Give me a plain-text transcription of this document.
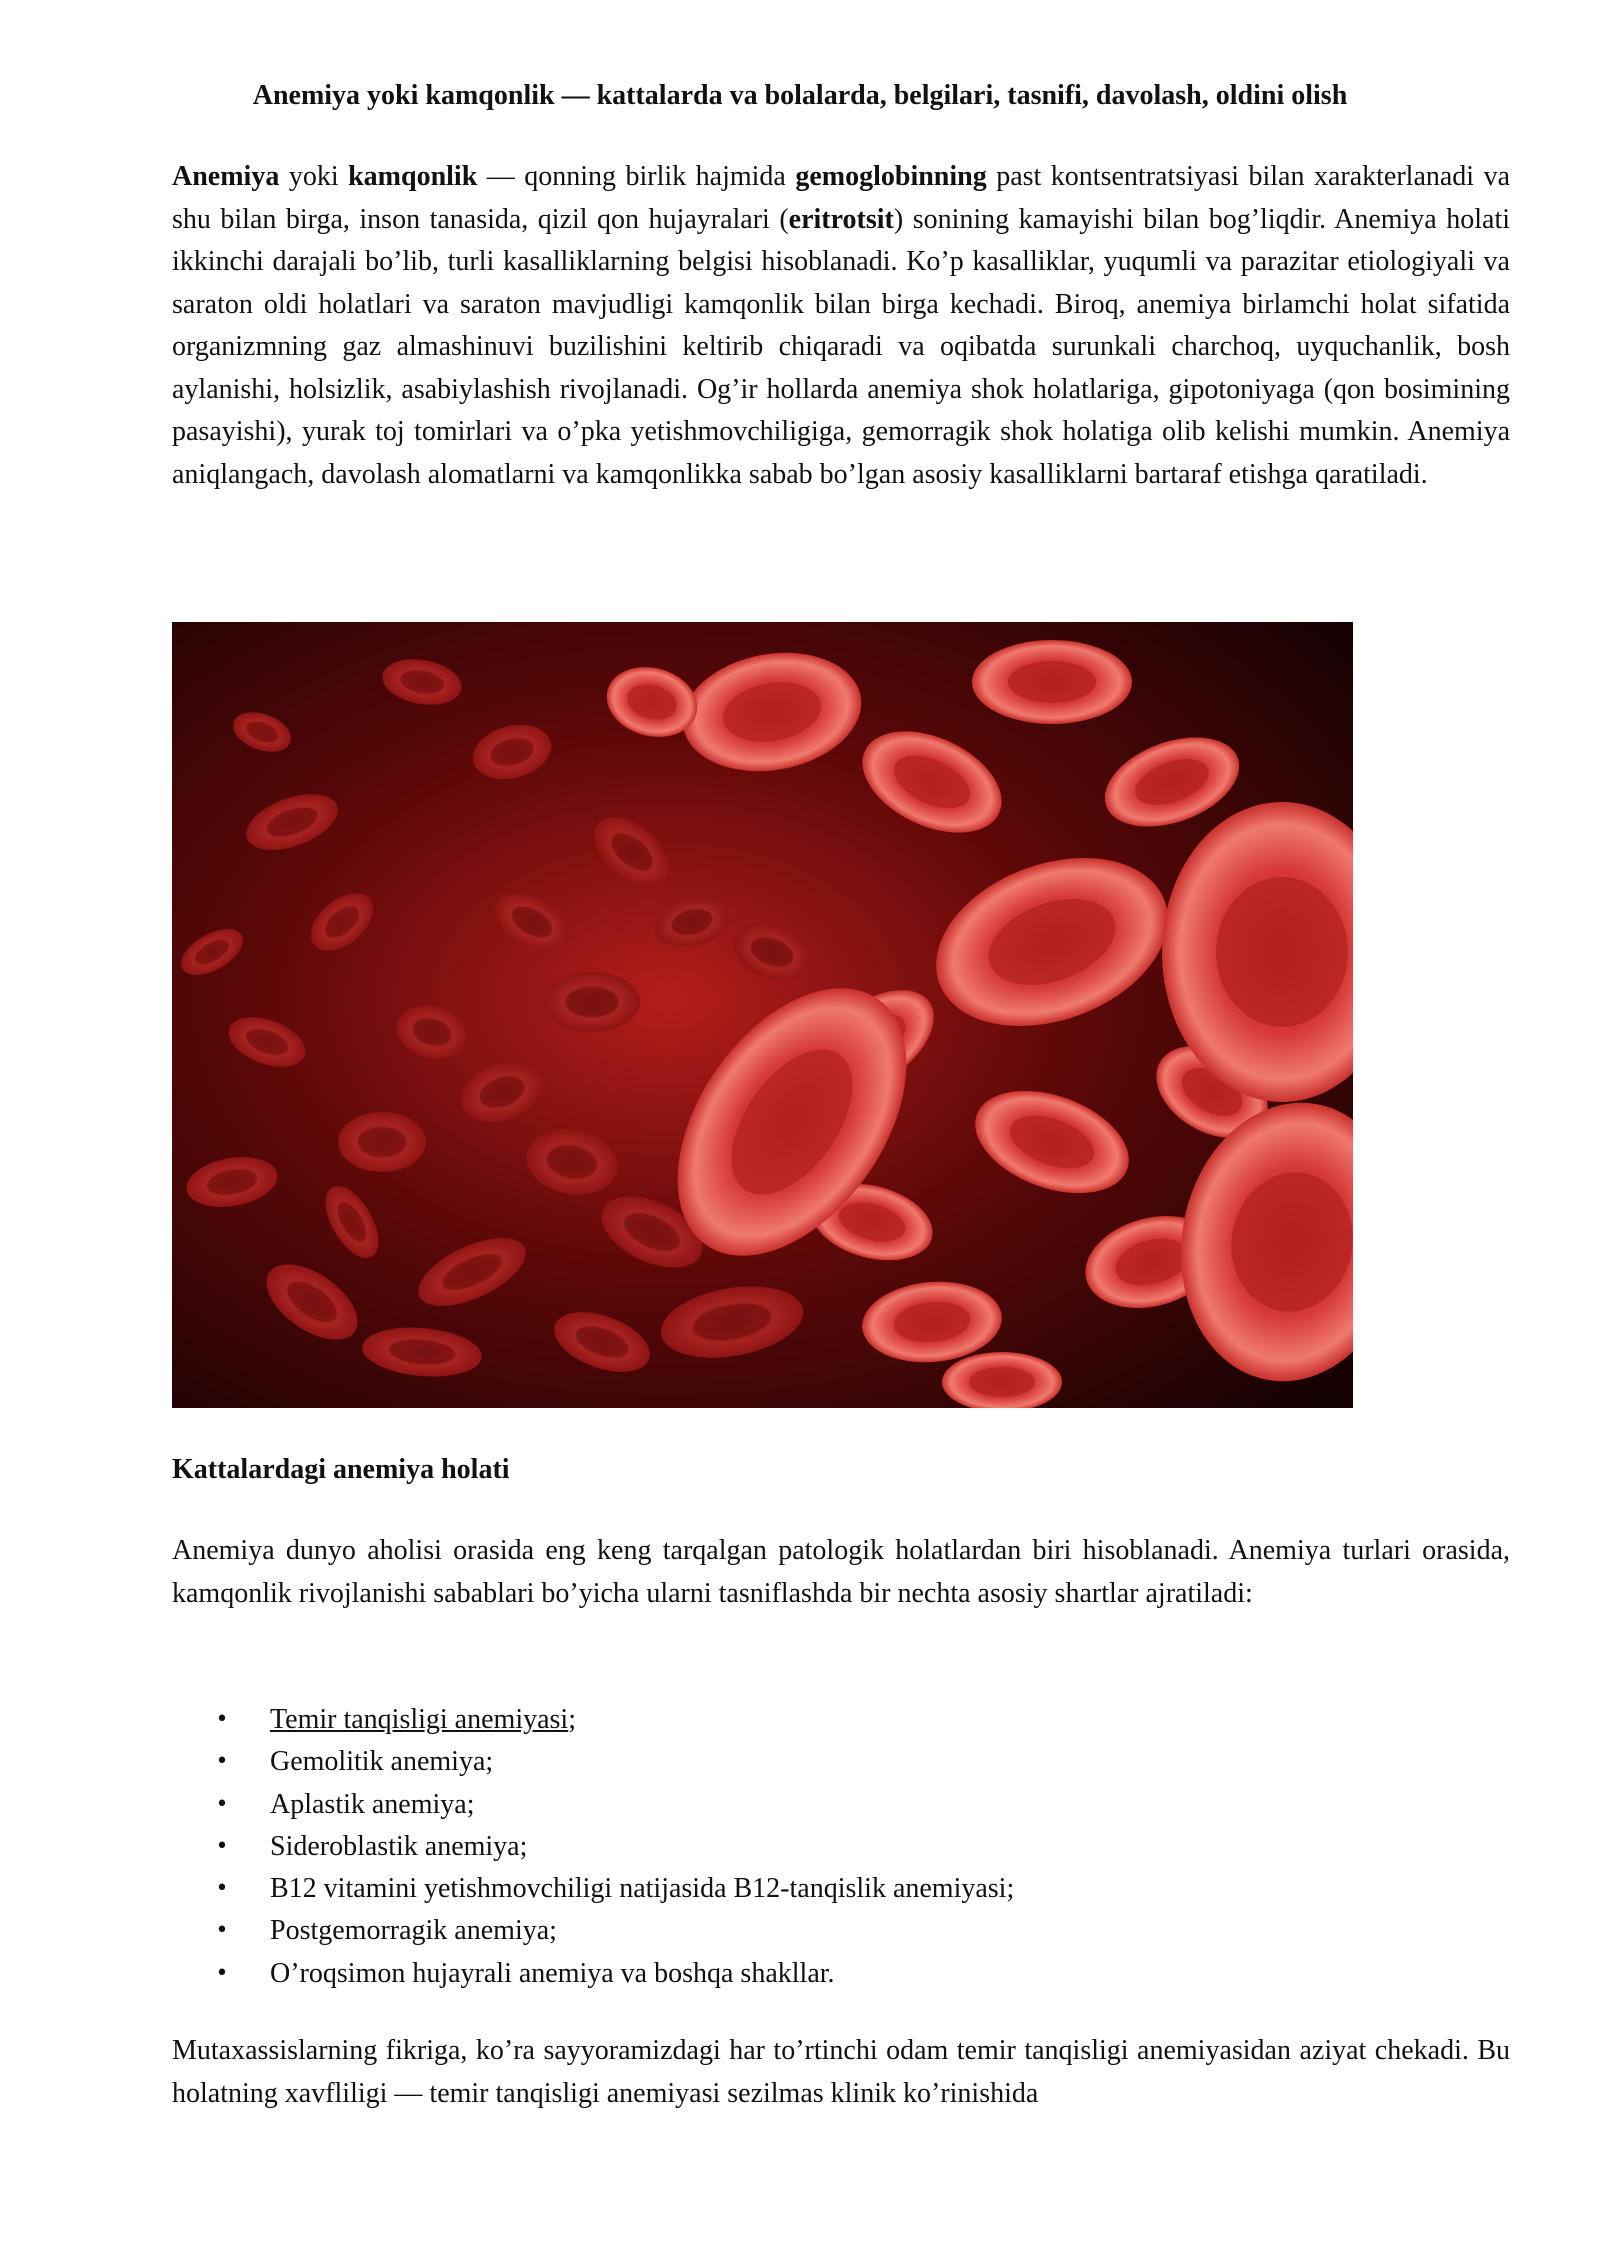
Anemiya yoki kamqonlik — kattalarda va bolalarda, belgilari, tasnifi, davolash, oldini olish

Anemiya yoki kamqonlik — qonning birlik hajmida gemoglobinning past kontsentratsiyasi bilan xarakterlanadi va shu bilan birga, inson tanasida, qizil qon hujayralari (eritrotsit) sonining kamayishi bilan bog’liqdir. Anemiya holati ikkinchi darajali bo’lib, turli kasalliklarning belgisi hisoblanadi. Ko’p kasalliklar, yuqumli va parazitar etiologiyali va saraton oldi holatlari va saraton mavjudligi kamqonlik bilan birga kechadi. Biroq, anemiya birlamchi holat sifatida organizmning gaz almashinuvi buzilishini keltirib chiqaradi va oqibatda surunkali charchoq, uyquchanlik, bosh aylanishi, holsizlik, asabiylashish rivojlanadi. Og’ir hollarda anemiya shok holatlariga, gipotoniyaga (qon bosimining pasayishi), yurak toj tomirlari va o’pka yetishmovchiligiga, gemorragik shok holatiga olib kelishi mumkin. Anemiya aniqlangach, davolash alomatlarni va kamqonlikka sabab bo’lgan asosiy kasalliklarni bartaraf etishga qaratiladi.

Kattalardagi anemiya holati

Anemiya dunyo aholisi orasida eng keng tarqalgan patologik holatlardan biri hisoblanadi. Anemiya turlari orasida, kamqonlik rivojlanishi sabablari bo’yicha ularni tasniflashda bir nechta asosiy shartlar ajratiladi:

• Temir tanqisligi anemiyasi;
• Gemolitik anemiya;
• Aplastik anemiya;
• Sideroblastik anemiya;
• B12 vitamini yetishmovchiligi natijasida B12-tanqislik anemiyasi;
• Postgemorragik anemiya;
• O’roqsimon hujayrali anemiya va boshqa shakllar.

Mutaxassislarning fikriga, ko’ra sayyoramizdagi har to’rtinchi odam temir tanqisligi anemiyasidan aziyat chekadi. Bu holatning xavfliligi — temir tanqisligi anemiyasi sezilmas klinik ko’rinishida
